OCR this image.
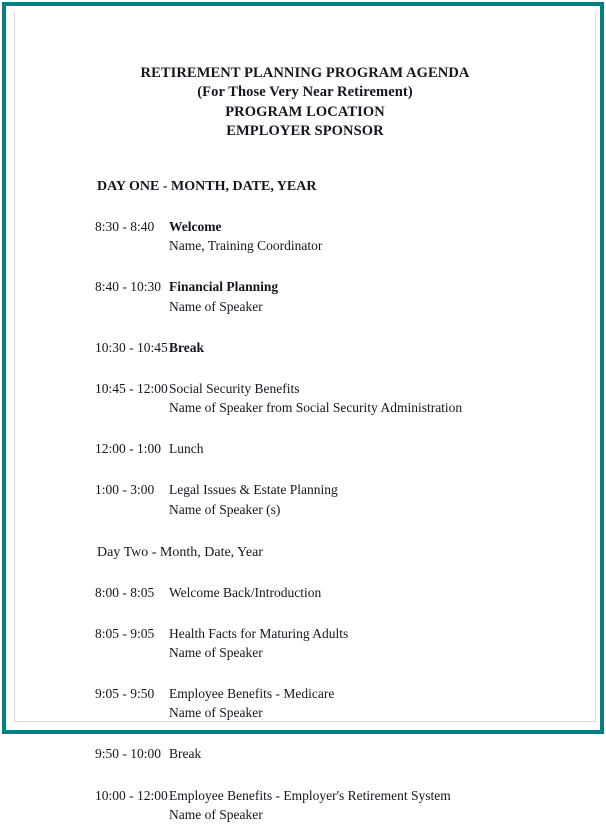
RETIREMENT PLANNING PROGRAM AGENDA
(For Those Very Near Retirement)
PROGRAM LOCATION
EMPLOYER SPONSOR
DAY ONE - MONTH, DATE, YEAR
8:30 - 8:40	Welcome
Name, Training Coordinator
8:40 - 10:30 Financial Planning
Name of Speaker
10:30 - 10:45 Break
10:45 - 12:00 Social Security Benefits
Name of Speaker from Social Security Administration
12:00 - 1:00 Lunch
1:00 - 3:00	Legal Issues & Estate Planning
Name of Speaker (s)
Day Two - Month, Date, Year
8:00 - 8:05	Welcome Back/Introduction
8:05 - 9:05	Health Facts for Maturing Adults
Name of Speaker
9:05 - 9:50	Employee Benefits - Medicare
Name of Speaker
9:50 - 10:00 Break
10:00 - 12:00 Employee Benefits - Employer's Retirement System
Name of Speaker
